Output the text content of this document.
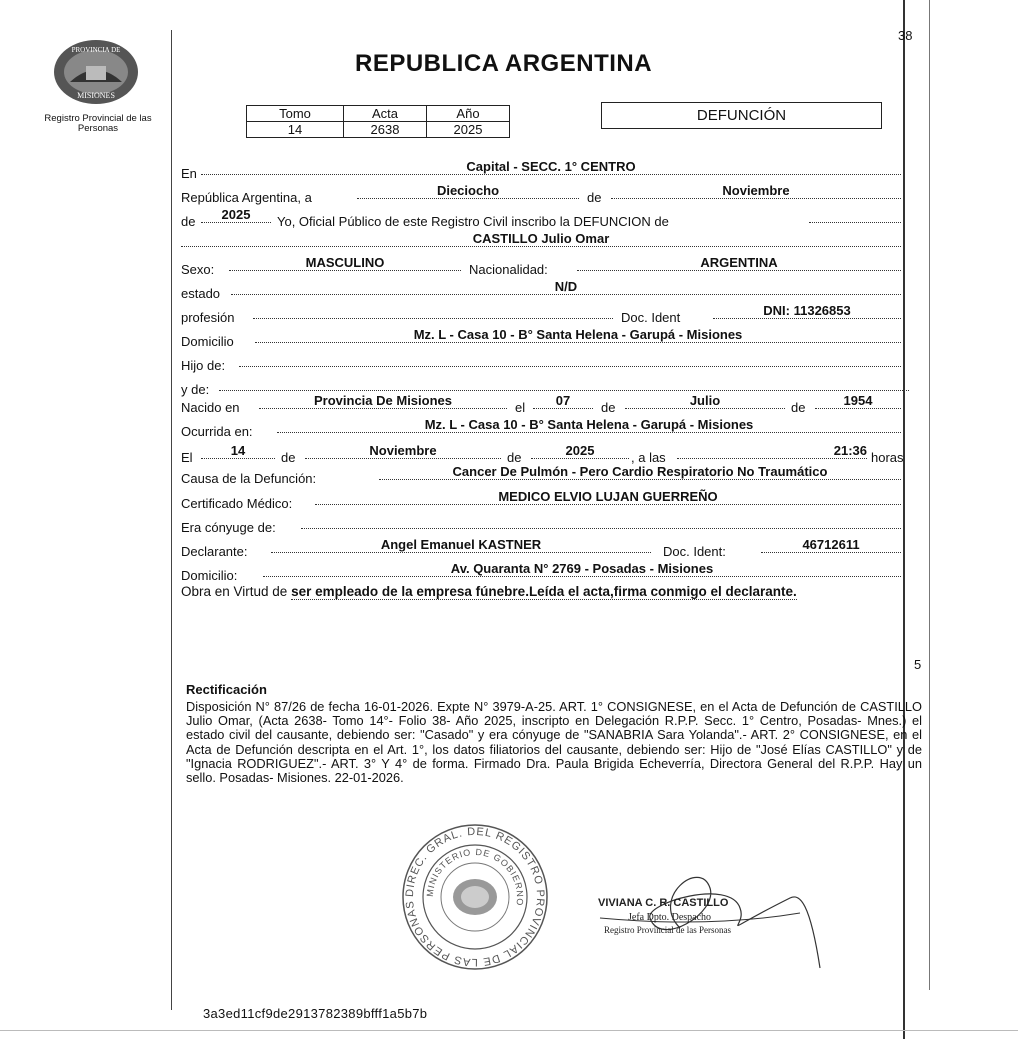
PROVINCIA DE
MISIONES
Registro Provincial de las Personas
REPUBLICA ARGENTINA
38
Tomo	Acta	Año
14	2638	2025
DEFUNCIÓN
En	Capital - SECC. 1° CENTRO
República Argentina, a	Dieciocho	de	Noviembre
de	2025	Yo, Oficial Público de este Registro Civil inscribo la DEFUNCION de
CASTILLO Julio Omar
Sexo:	MASCULINO	Nacionalidad:	ARGENTINA
estado	N/D
profesión	Doc. Ident	DNI: 11326853
Domicilio	Mz. L - Casa 10 - B° Santa Helena - Garupá - Misiones
Hijo de:
y de:
Nacido en	Provincia De Misiones	el	07	de	Julio	de	1954
Ocurrida en:	Mz. L - Casa 10 - B° Santa Helena - Garupá - Misiones
El	14	de	Noviembre	de	2025	, a las	21:36 horas
Causa de la Defunción:	Cancer De Pulmón - Pero Cardio Respiratorio No Traumático
Certificado Médico:	MEDICO ELVIO LUJAN GUERREÑO
Era cónyuge de:
Declarante:	Angel Emanuel KASTNER	Doc. Ident:	46712611
Domicilio:	Av. Quaranta N° 2769 - Posadas - Misiones
Obra en Virtud de ser empleado de la empresa fúnebre.Leída el acta,firma conmigo el declarante.
5
Rectificación
Disposición N° 87/26 de fecha 16-01-2026. Expte N° 3979-A-25. ART. 1° CONSIGNESE, en el Acta de Defunción de CASTILLO Julio Omar, (Acta 2638- Tomo 14°- Folio 38- Año 2025, inscripto en Delegación R.P.P. Secc. 1° Centro, Posadas- Mnes.) el estado civil del causante, debiendo ser: "Casado" y era cónyuge de "SANABRIA Sara Yolanda".- ART. 2° CONSIGNESE, en el Acta de Defunción descripta en el Art. 1°, los datos filiatorios del causante, debiendo ser: Hijo de "José Elías CASTILLO" y de "Ignacia RODRIGUEZ".- ART. 3° Y 4° de forma. Firmado Dra. Paula Brigida Echeverría, Directora General del R.P.P. Hay un sello. Posadas- Misiones. 22-01-2026.
DIREC. GRAL. DEL REGISTRO PROVINCIAL DE LAS PERSONAS
MINISTERIO DE GOBIERNO	VIVIANA C. R. CASTILLO
Jefa Dpto. Despacho
Registro Provincial de las Personas
3a3ed11cf9de2913782389bfff1a5b7b
